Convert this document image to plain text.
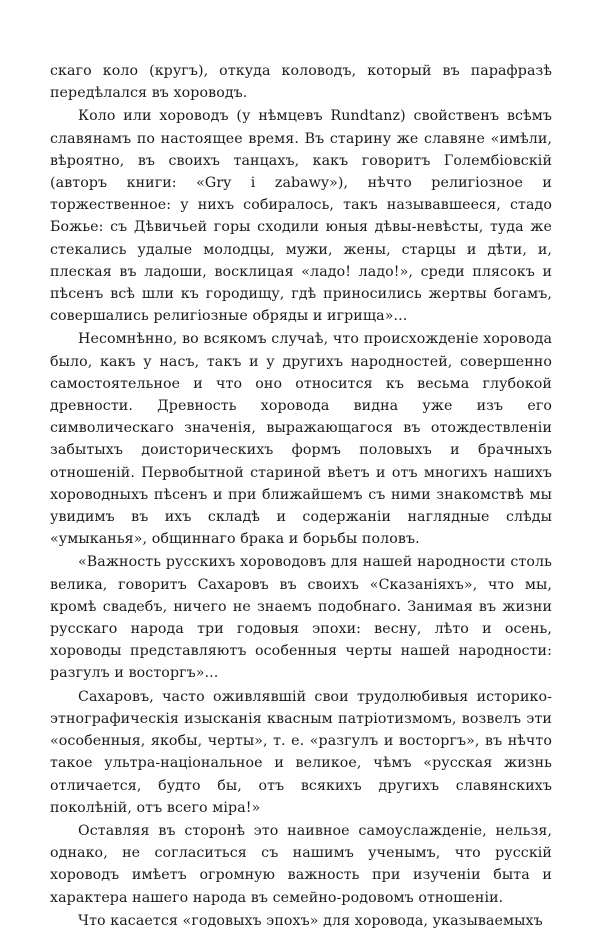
скаго коло (кругъ), откуда коловодъ, который въ парафразѣ передѣлался въ хороводъ.

Коло или хороводъ (у нѣмцевъ Rundtanz) свойственъ всѣмъ славянамъ по настоящее время. Въ старину же славяне «имѣли, вѣроятно, въ своихъ танцахъ, какъ говоритъ Голембіовскій (авторъ книги: «Gry i zabawy»), нѣчто религіозное и торжественное: у нихъ собиралось, такъ называвшееся, стадо Божье: съ Дѣвичьей горы сходили юныя дѣвы-невѣсты, туда же стекались удалые молодцы, мужи, жены, старцы и дѣти, и, плеская въ ладоши, восклицая «ладо! ладо!», среди плясокъ и пѣсенъ всѣ шли къ городищу, гдѣ приносились жертвы богамъ, совершались религіозные обряды и игрища»...

Несомнѣнно, во всякомъ случаѣ, что происхожденіе хоровода было, какъ у насъ, такъ и у другихъ народностей, совершенно самостоятельное и что оно относится къ весьма глубокой древности. Древность хоровода видна уже изъ его символическаго значенія, выражающагося въ отождествленіи забытыхъ доисторическихъ формъ половыхъ и брачныхъ отношеній. Первобытной стариной вѣетъ и отъ многихъ нашихъ хороводныхъ пѣсенъ и при ближайшемъ съ ними знакомствѣ мы увидимъ въ ихъ складѣ и содержаніи наглядные слѣды «умыканья», общиннаго брака и борьбы половъ.

«Важность русскихъ хороводовъ для нашей народности столь велика, говоритъ Сахаровъ въ своихъ «Сказаніяхъ», что мы, кромѣ свадебъ, ничего не знаемъ подобнаго. Занимая въ жизни русскаго народа три годовыя эпохи: весну, лѣто и осень, хороводы представляютъ особенныя черты нашей народности: разгулъ и восторгъ»...

Сахаровъ, часто оживлявшій свои трудолюбивыя историко-этнографическія изысканія квасным патріотизмомъ, возвелъ эти «особенныя, якобы, черты», т. е. «разгулъ и восторгъ», въ нѣчто такое ультра-національное и великое, чѣмъ «русская жизнь отличается, будто бы, отъ всякихъ другихъ славянскихъ поколѣній, отъ всего міра!»

Оставляя въ сторонѣ это наивное самоуслажденіе, нельзя, однако, не согласиться съ нашимъ ученымъ, что русскій хороводъ имѣетъ огромную важность при изученіи быта и характера нашего народа въ семейно-родовомъ отношеніи.

Что касается «годовыхъ эпохъ» для хоровода, указываемыхъ
